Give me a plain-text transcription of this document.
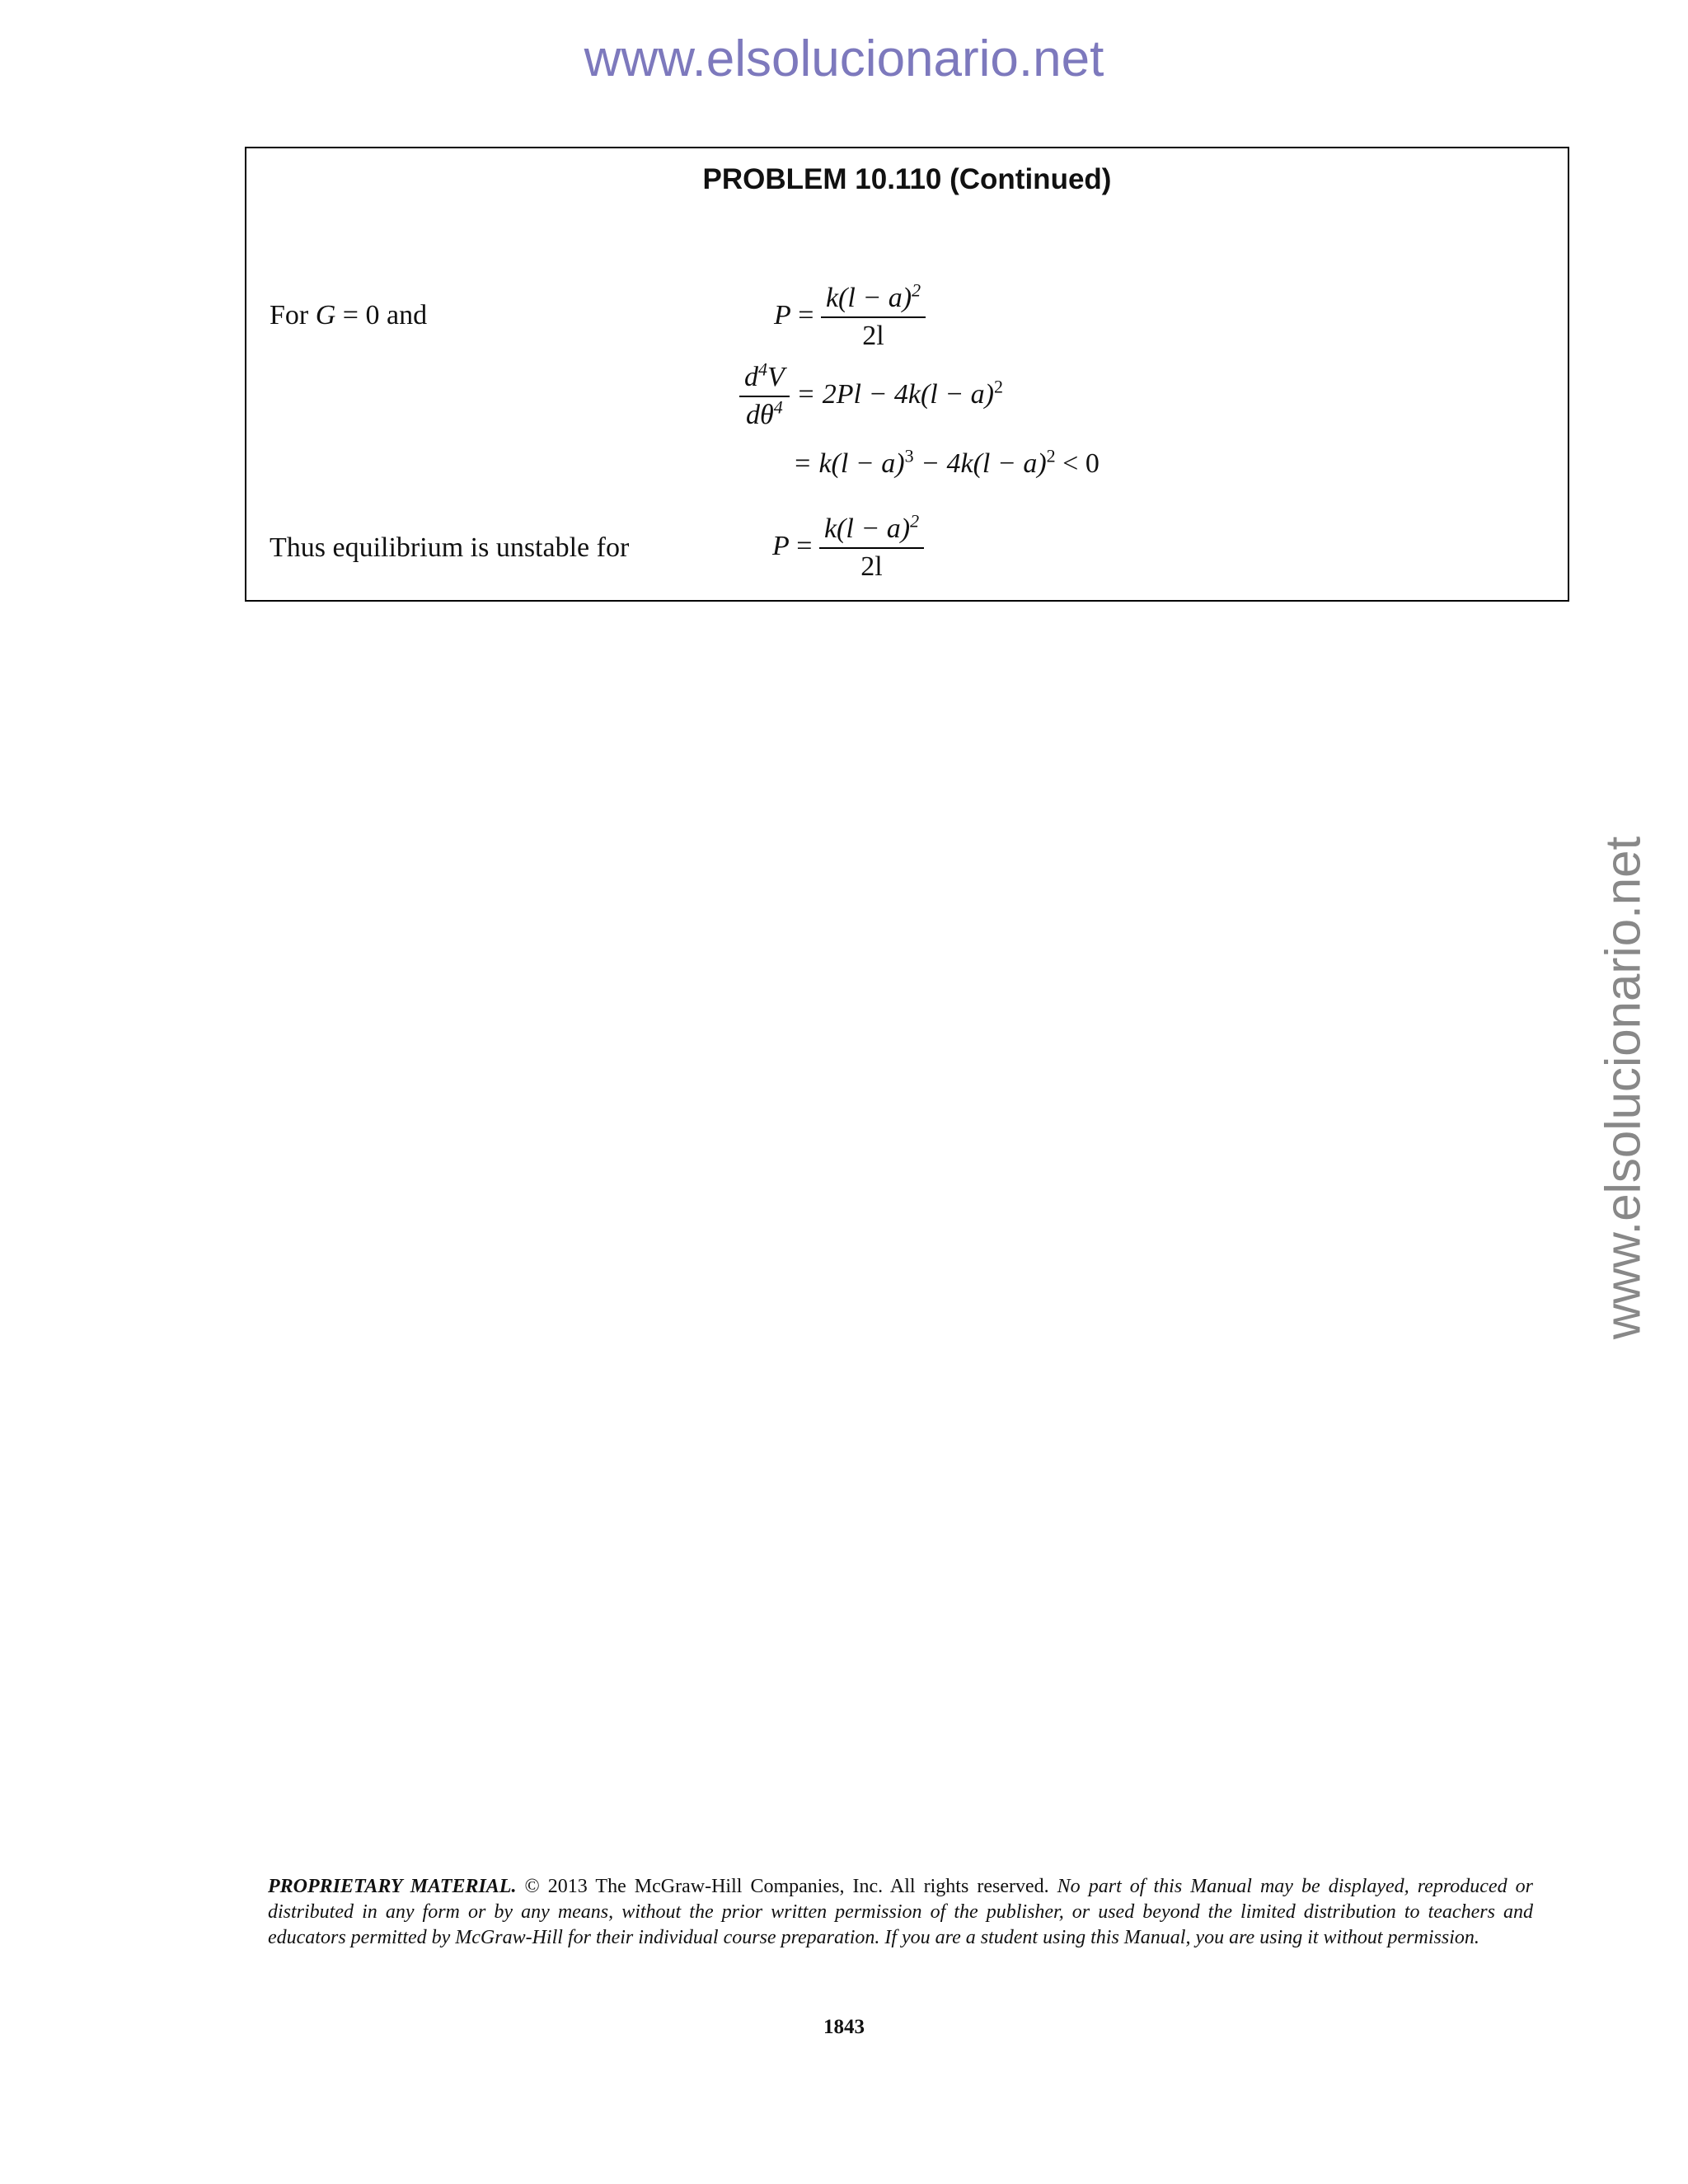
www.elsolucionario.net
www.elsolucionario.net
PROBLEM 10.110 (Continued)
For G = 0 and	$P = \frac{k(l - a)^2}{2l}$
$\frac{d^4V}{d\theta^4} = 2Pl - 4k(l - a)^2$
= $k(l - a)^3 - 4k(l - a)^2 < 0$
Thus equilibrium is unstable for	$P = \frac{k(l - a)^2}{2l}$
PROPRIETARY MATERIAL. © 2013 The McGraw-Hill Companies, Inc. All rights reserved. No part of this Manual may be displayed, reproduced or distributed in any form or by any means, without the prior written permission of the publisher, or used beyond the limited distribution to teachers and educators permitted by McGraw-Hill for their individual course preparation. If you are a student using this Manual, you are using it without permission.
1843
